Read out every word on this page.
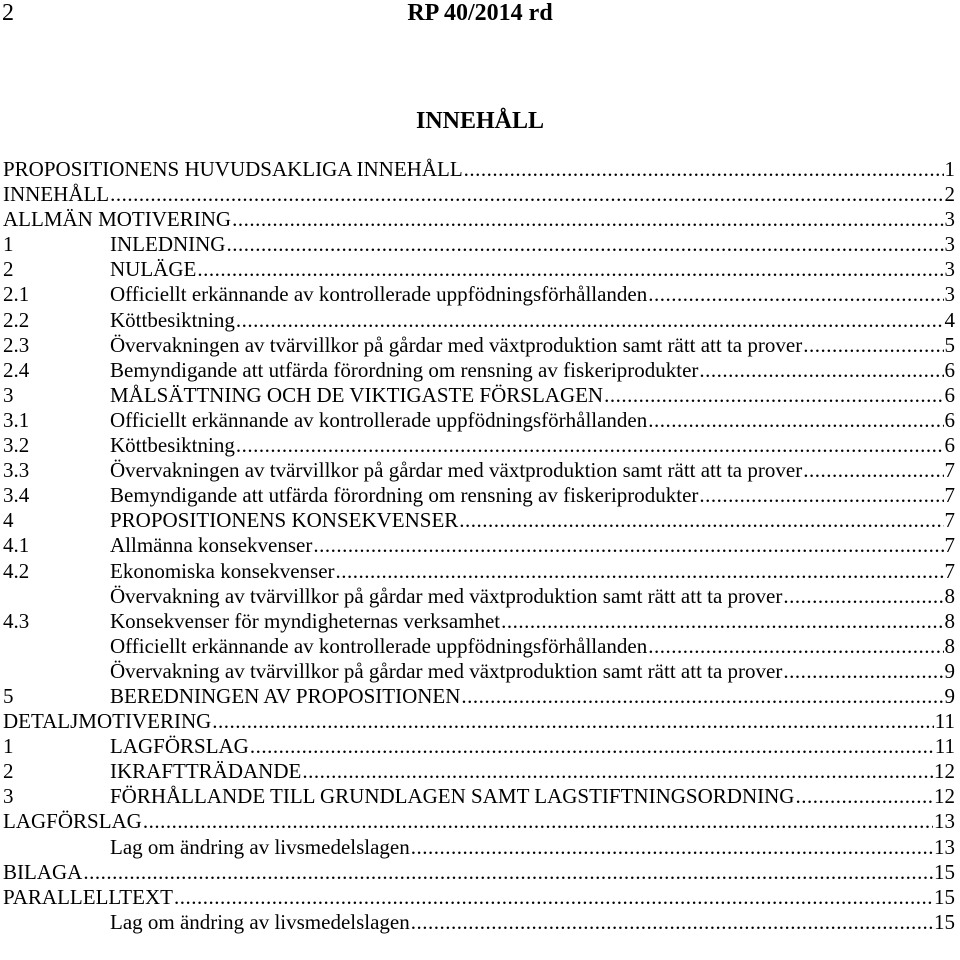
2	RP 40/2014 rd
INNEHÅLL
PROPOSITIONENS HUVUDSAKLIGA INNEHÅLL .....	1
INNEHÅLL .....	2
ALLMÄN MOTIVERING .....	3
1	INLEDNING .....	3
2	NULÄGE .....	3
2.1	Officiellt erkännande av kontrollerade uppfödningsförhållanden .....	3
2.2	Köttbesiktning .....	4
2.3	Övervakningen av tvärvillkor på gårdar med växtproduktion samt rätt att ta prover .....	5
2.4	Bemyndigande att utfärda förordning om rensning av fiskeriprodukter .....	6
3	MÅLSÄTTNING OCH DE VIKTIGASTE FÖRSLAGEN .....	6
3.1	Officiellt erkännande av kontrollerade uppfödningsförhållanden .....	6
3.2	Köttbesiktning .....	6
3.3	Övervakningen av tvärvillkor på gårdar med växtproduktion samt rätt att ta prover .....	7
3.4	Bemyndigande att utfärda förordning om rensning av fiskeriprodukter .....	7
4	PROPOSITIONENS KONSEKVENSER .....	7
4.1	Allmänna konsekvenser .....	7
4.2	Ekonomiska konsekvenser .....	7
Övervakning av tvärvillkor på gårdar med växtproduktion samt rätt att ta prover .....	8
4.3	Konsekvenser för myndigheternas verksamhet .....	8
Officiellt erkännande av kontrollerade uppfödningsförhållanden .....	8
Övervakning av tvärvillkor på gårdar med växtproduktion samt rätt att ta prover .....	9
5	BEREDNINGEN AV PROPOSITIONEN .....	9
DETALJMOTIVERING .....	11
1	LAGFÖRSLAG .....	11
2	IKRAFTTRÄDANDE .....	12
3	FÖRHÅLLANDE TILL GRUNDLAGEN SAMT LAGSTIFTNINGSORDNING .....	12
LAGFÖRSLAG .....	13
Lag om ändring av livsmedelslagen .....	13
BILAGA .....	15
PARALLELLTEXT .....	15
Lag om ändring av livsmedelslagen .....	15
